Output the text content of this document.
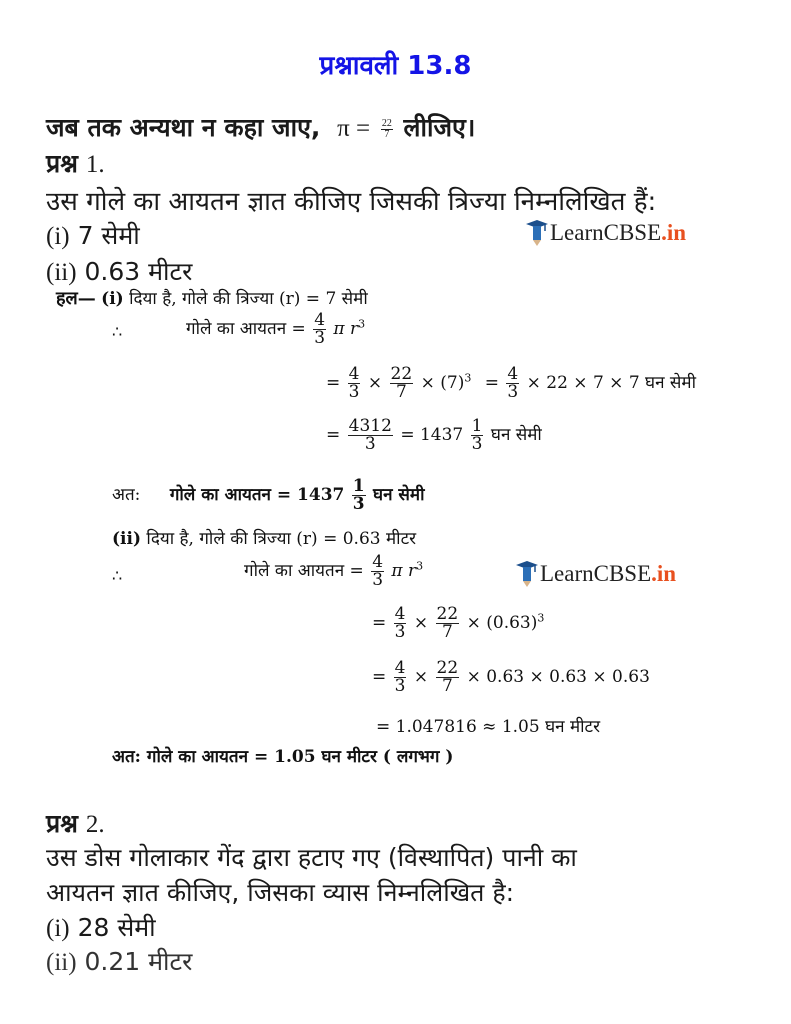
प्रश्नावली 13.8
जब तक अन्यथा न कहा जाए, $\pi = \frac{22}{7}$ लीजिए।
प्रश्न 1.
उस गोले का आयतन ज्ञात कीजिए जिसकी त्रिज्या निम्नलिखित हैं:
(i) 7 सेमी
(ii) 0.63 मीटर
LearnCBSE .in
हल— (i) दिया है, गोले की त्रिज्या (r) = 7 सेमी
∴	गोले का आयतन = $\frac{4}{3}$ π $r^3$
= $\frac{4}{3} \times \frac{22}{7} \times (7)^3 = \frac{4}{3} \times 22 \times 7 \times 7$ घन सेमी
= $\frac{4312}{3} = 1437 \frac{1}{3}$ घन सेमी
अत: गोले का आयतन = $1437 \frac{1}{3}$ घन सेमी
(ii) दिया है, गोले की त्रिज्या (r) = 0.63 मीटर
∴	गोले का आयतन = $\frac{4}{3}$ π $r^3$	LearnCBSE .in
= $\frac{4}{3} \times \frac{22}{7} \times (0.63)^3$
= $\frac{4}{3} \times \frac{22}{7} \times 0.63 \times 0.63 \times 0.63$
= 1.047816 ≈ 1.05 घन मीटर
अत: गोले का आयतन = 1.05 घन मीटर ( लगभग )
प्रश्न 2.
उस डोस गोलाकार गेंद द्वारा हटाए गए (विस्थापित) पानी का
आयतन ज्ञात कीजिए, जिसका व्यास निम्नलिखित है:
(i) 28 सेमी
(ii) 0.21 मीटर
